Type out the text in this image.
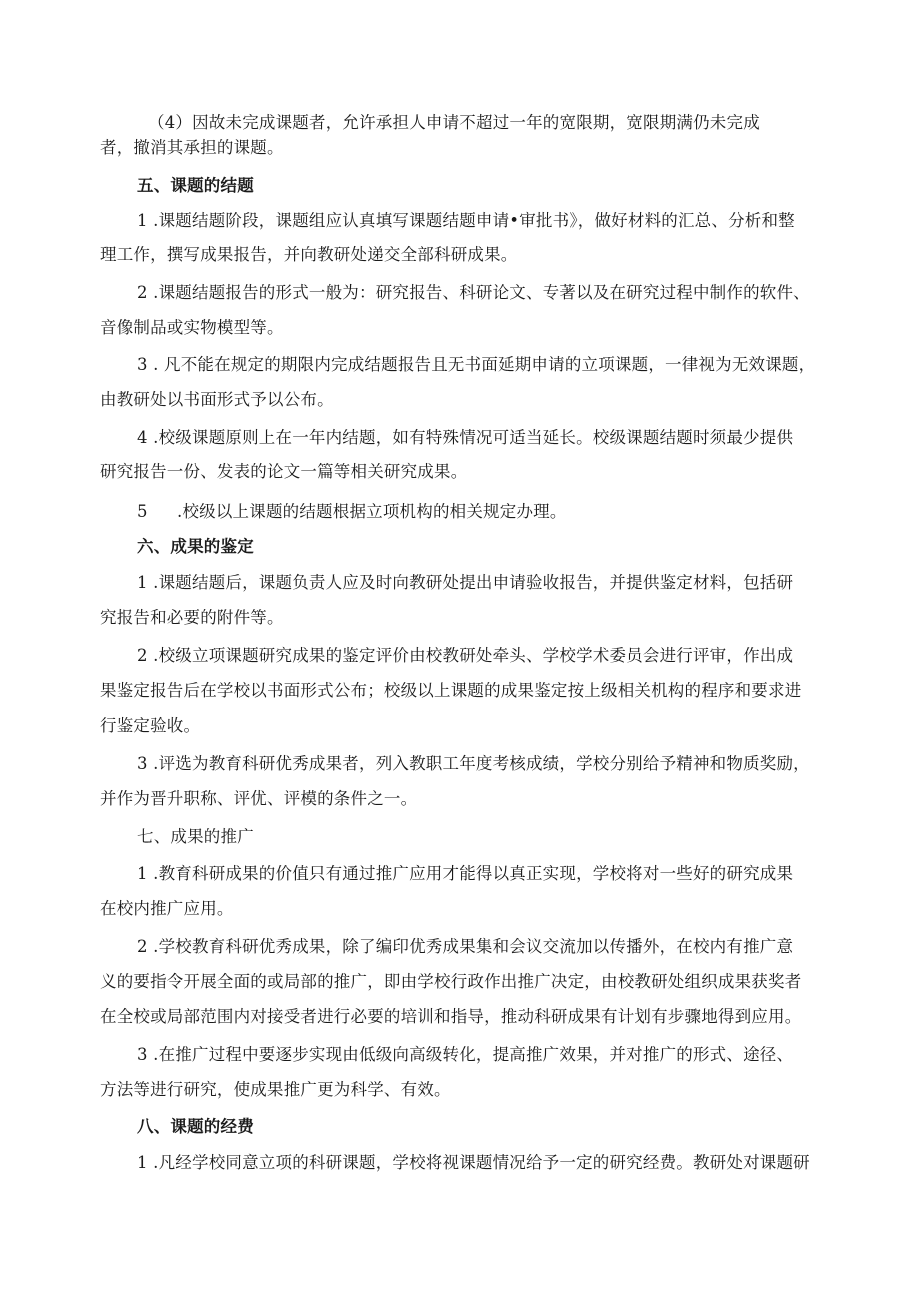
（4）因故未完成课题者，允许承担人申请不超过一年的宽限期，宽限期满仍未完成
者，撤消其承担的课题。
五、课题的结题
1 .课题结题阶段，课题组应认真填写课题结题申请•审批书》，做好材料的汇总、分析和整
理工作，撰写成果报告，并向教研处递交全部科研成果。
2 .课题结题报告的形式一般为：研究报告、科研论文、专著以及在研究过程中制作的软件、
音像制品或实物模型等。
3 . 凡不能在规定的期限内完成结题报告且无书面延期申请的立项课题，一律视为无效课题，
由教研处以书面形式予以公布。
4 .校级课题原则上在一年内结题，如有特殊情况可适当延长。校级课题结题时须最少提供
研究报告一份、发表的论文一篇等相关研究成果。
5 .校级以上课题的结题根据立项机构的相关规定办理。
六、成果的鉴定
1 .课题结题后，课题负责人应及时向教研处提出申请验收报告，并提供鉴定材料，包括研
究报告和必要的附件等。
2 .校级立项课题研究成果的鉴定评价由校教研处牵头、学校学术委员会进行评审，作出成
果鉴定报告后在学校以书面形式公布；校级以上课题的成果鉴定按上级相关机构的程序和要求进
行鉴定验收。
3 .评选为教育科研优秀成果者，列入教职工年度考核成绩，学校分别给予精神和物质奖励，
并作为晋升职称、评优、评模的条件之一。
七、成果的推广
1 .教育科研成果的价值只有通过推广应用才能得以真正实现，学校将对一些好的研究成果
在校内推广应用。
2 .学校教育科研优秀成果，除了编印优秀成果集和会议交流加以传播外，在校内有推广意
义的要指令开展全面的或局部的推广，即由学校行政作出推广决定，由校教研处组织成果获奖者
在全校或局部范围内对接受者进行必要的培训和指导，推动科研成果有计划有步骤地得到应用。
3 .在推广过程中要逐步实现由低级向高级转化，提高推广效果，并对推广的形式、途径、
方法等进行研究，使成果推广更为科学、有效。
八、课题的经费
1 .凡经学校同意立项的科研课题，学校将视课题情况给予一定的研究经费。教研处对课题研
